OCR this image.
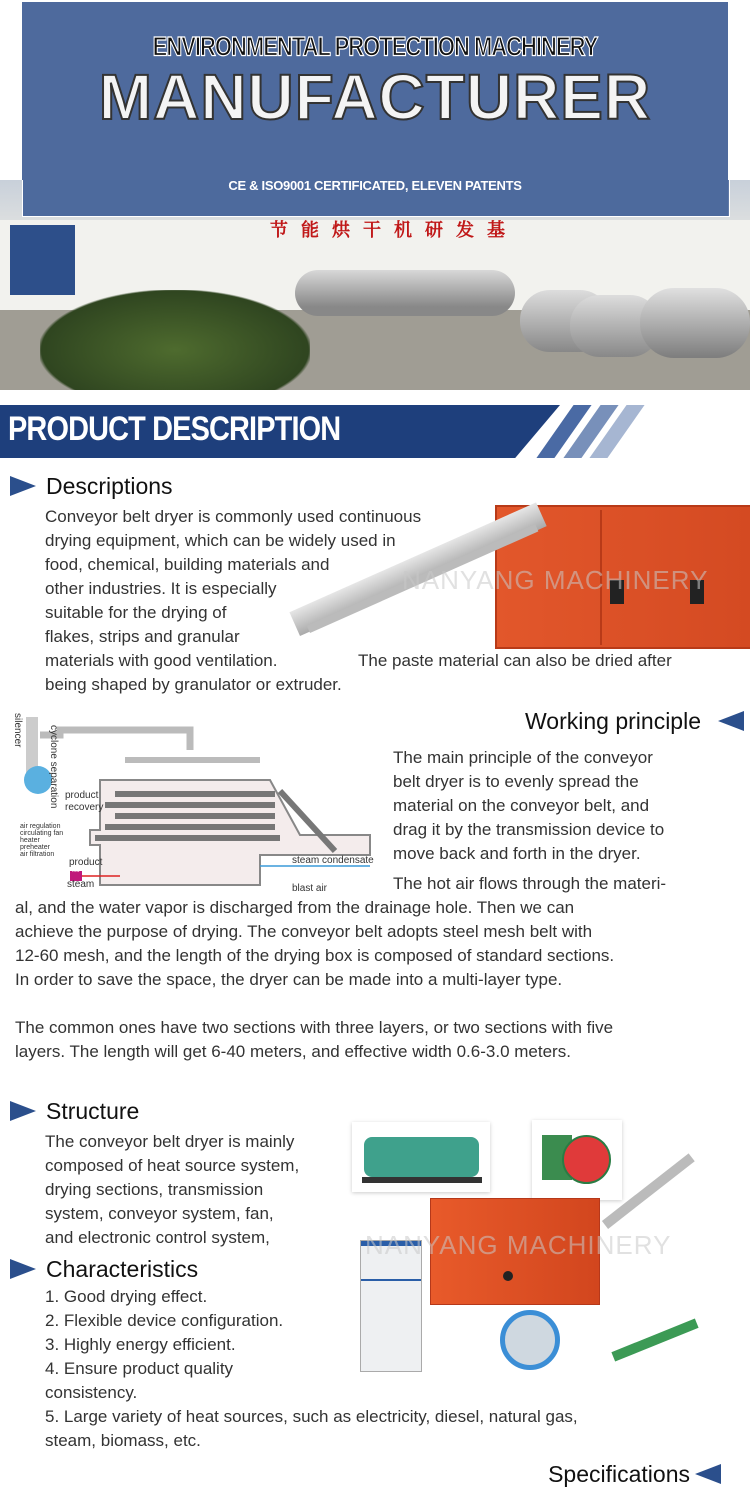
节 能 烘 干 机 研 发 基
ENVIRONMENTAL PROTECTION MACHINERY
MANUFACTURER
CE & ISO9001 CERTIFICATED, ELEVEN PATENTS
PRODUCT DESCRIPTION
Descriptions
NANYANG MACHINERY
Conveyor belt dryer is commonly used continuous
drying equipment, which can be widely used in
food, chemical, building materials and
other industries. It is especially
suitable for the drying of
flakes, strips and granular
materials with good ventilation.	The paste material can also be dried after
being shaped by granulator or extruder.
Working principle
silencer	cyclone separation product
recovery
air regulation
circulating fan
heater
preheater
air filtration
product
steam
MS
steam condensate
blast air
The main principle of the conveyor
belt dryer is to evenly spread the
material on the conveyor belt, and
drag it by the transmission device to
move back and forth in the dryer.
The hot air flows through the materi-
al, and the water vapor is discharged from the drainage hole. Then we can
achieve the purpose of drying. The conveyor belt adopts steel mesh belt with
12-60 mesh, and the length of the drying box is composed of standard sections.
In order to save the space, the dryer can be made into a multi-layer type.
The common ones have two sections with three layers, or two sections with five
layers. The length will get 6-40 meters, and effective width 0.6-3.0 meters.
Structure
The conveyor belt dryer is mainly
composed of heat source system,
drying sections, transmission
system, conveyor system, fan,
and electronic control system,	NANYANG MACHINERY
Characteristics
1. Good drying effect.
2. Flexible device configuration.
3. Highly energy efficient.
4. Ensure product quality
consistency.
5. Large variety of heat sources, such as electricity, diesel, natural gas,
steam, biomass, etc.
Specifications
